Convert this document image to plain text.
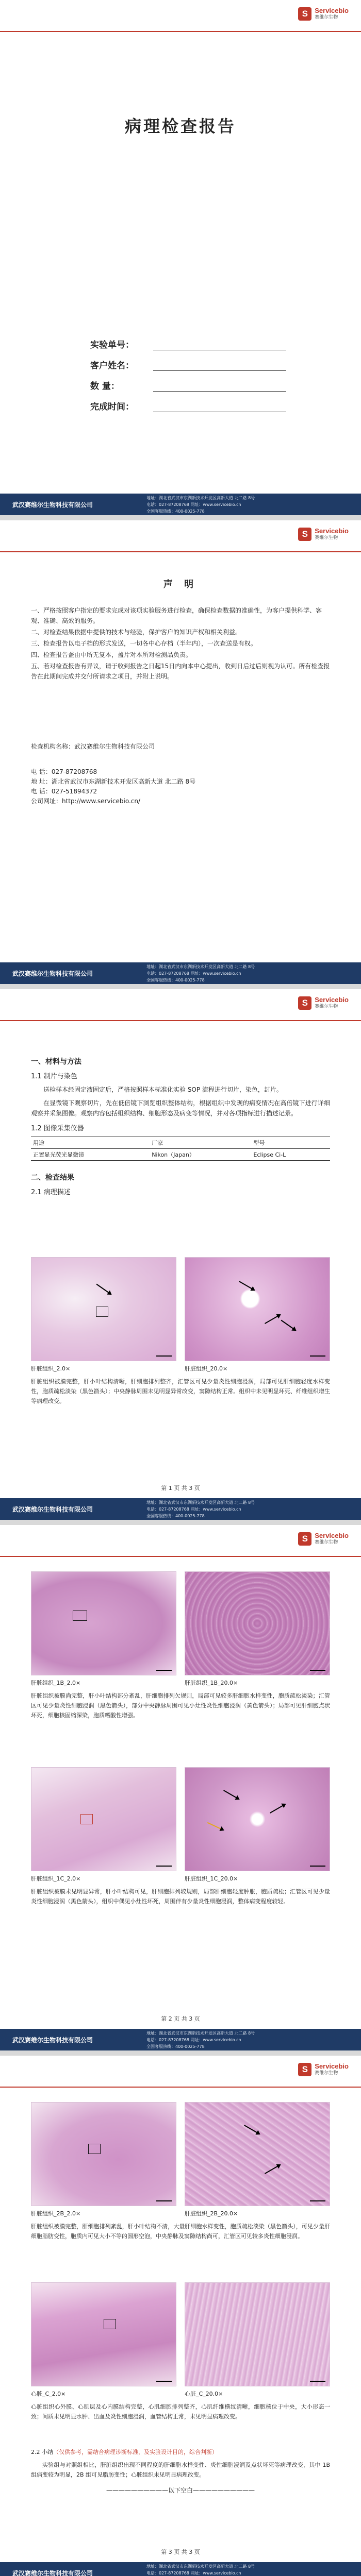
S	Servicebio
赛维尔生物
病理检查报告
实验单号：
客户姓名：
数 量：
完成时间：
武汉赛维尔生物科技有限公司
地址：湖北省武汉市东湖新技术开发区高新大道 北二路 8号
电话：027-87208768 网址：www.servicebio.cn
全国客服热线：400-0025-778
S	Servicebio
赛维尔生物
声 明

一、严格按照客户指定的要求完成对该项实验服务进行检查，确保检查数据的准确性，为客户提供科学、客观、准确、高效的服务。

二、对检查结果依据中提供的技术与经验，保护客户的知识产权和相关利益。

三、检查报告以电子档的形式发送，一切各中心存档（半年内），一次查送是有权。

四、检查报告盖由中所无复本，盖片对本所对检测品负责。

五、若对检查报告有异议，请于收到报告之日起15日内向本中心提出，收到日后过后则视为认可。所有检查报告在此期间完成并交付所请求之项目，并附上说明。

检查机构名称：武汉赛维尔生物科技有限公司
电 话：027-87208768
地 址：湖北省武汉市东湖新技术开发区高新大道 北二路 8号
电 话：027-51894372
公司网址：http://www.servicebio.cn/
武汉赛维尔生物科技有限公司
地址：湖北省武汉市东湖新技术开发区高新大道 北二路 8号
电话：027-87208768 网址：www.servicebio.cn
全国客服热线：400-0025-778
S	Servicebio
赛维尔生物
一、材料与方法
1.1 制片与染色

送检样本经固定液固定后，严格按照样本标准化实验 SOP 流程进行切片，染色，封片。

在显微镜下观察切片，先在低倍镜下浏览组织整体结构，根据组织中发现的病变情况在高倍镜下进行详细观察并采集图像。观察内容包括组织结构、细胞形态及病变等情况，并对各项指标进行描述记录。

1.2 图像采集仪器
用途	厂家	型号
正置显光荧光显微镜	Nikon（Japan）	Eclipse Ci-L
二、检查结果
2.1 病理描述
肝脏组织_2.0×	肝脏组织_20.0×
肝脏组织被膜完整，肝小叶结构清晰，肝细胞排列整齐，汇管区可见少量炎性细胞浸润，局部可见肝细胞轻度水样变性，胞质疏松淡染（黑色箭头）；中央静脉周围未见明显异常改变，窦隙结构正常。组织中未见明显坏死、纤维组织增生等病理改变。
第 1 页 共 3 页
武汉赛维尔生物科技有限公司
地址：湖北省武汉市东湖新技术开发区高新大道 北二路 8号
电话：027-87208768 网址：www.servicebio.cn
全国客服热线：400-0025-778
S	Servicebio
赛维尔生物
肝脏组织_1B_2.0×	肝脏组织_1B_20.0×
肝脏组织被膜尚完整，肝小叶结构部分紊乱，肝细胞排列欠规则，局部可见较多肝细胞水样变性，胞质疏松淡染；汇管区可见少量炎性细胞浸润（黑色箭头），部分中央静脉周围可见小灶性炎性细胞浸润（黄色箭头）；局部可见肝细胞点状坏死，细胞核固缩深染，胞质嗜酸性增强。
肝脏组织_1C_2.0×	肝脏组织_1C_20.0×
肝脏组织被膜未见明显异常，肝小叶结构可见，肝细胞排列较规则，局部肝细胞轻度肿胀，胞质疏松；汇管区可见少量炎性细胞浸润（黑色箭头），组织中偶见小灶性坏死，周围伴有少量炎性细胞浸润，整体病变程度较轻。
第 2 页 共 3 页
武汉赛维尔生物科技有限公司
地址：湖北省武汉市东湖新技术开发区高新大道 北二路 8号
电话：027-87208768 网址：www.servicebio.cn
全国客服热线：400-0025-778
S	Servicebio
赛维尔生物
肝脏组织_2B_2.0×	肝脏组织_2B_20.0×
肝脏组织被膜完整，肝细胞排列紊乱，肝小叶结构不清，大量肝细胞水样变性，胞质疏松淡染（黑色箭头），可见少量肝细胞脂肪变性，胞质内可见大小不等的圆形空泡，中央静脉及窦隙结构尚可，汇管区可见较多炎性细胞浸润。
心脏_C_2.0×	心脏_C_20.0×
心脏组织心外膜、心肌层及心内膜结构完整，心肌细胞排列整齐，心肌纤维横纹清晰，细胞核位于中央，大小形态一致；间质未见明显水肿、出血及炎性细胞浸润，血管结构正常，未见明显病理改变。
2.2 小结（仅供参考，需结合病理诊断标准，及实验设计目的，综合判断）
实验组与对照组相比，肝脏组织出现不同程度的肝细胞水样变性、炎性细胞浸润及点状坏死等病理改变，其中 1B 组病变较为明显，2B 组可见脂肪变性；心脏组织未见明显病理改变。
——————————以下空白——————————
第 3 页 共 3 页
武汉赛维尔生物科技有限公司
地址：湖北省武汉市东湖新技术开发区高新大道 北二路 8号
电话：027-87208768 网址：www.servicebio.cn
